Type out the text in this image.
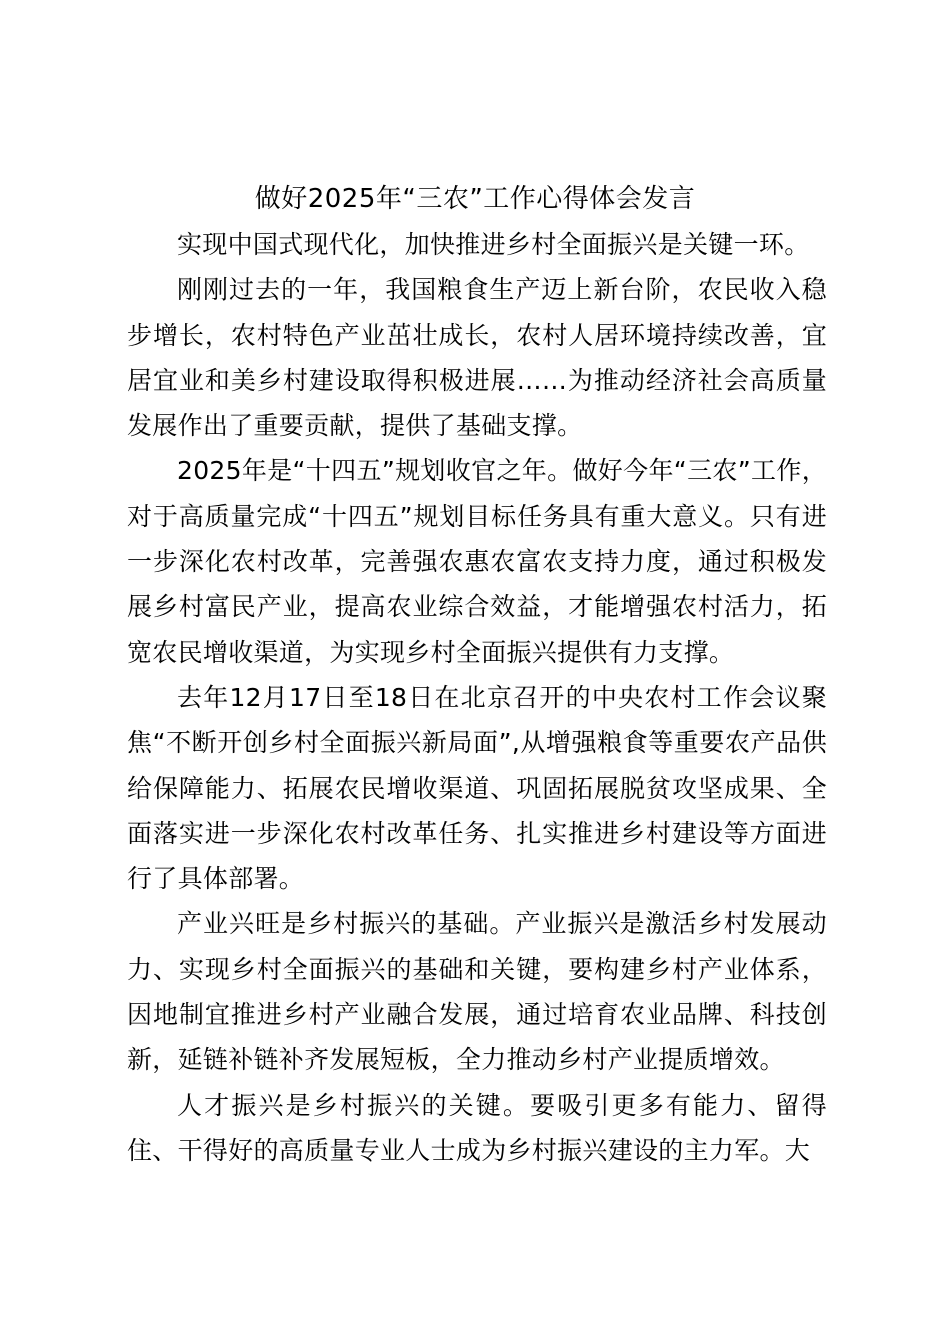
做好2025年“三农”工作心得体会发言

实现中国式现代化，加快推进乡村全面振兴是关键一环。

刚刚过去的一年，我国粮食生产迈上新台阶，农民收入稳步增长，农村特色产业茁壮成长，农村人居环境持续改善，宜居宜业和美乡村建设取得积极进展……为推动经济社会高质量发展作出了重要贡献，提供了基础支撑。

2025年是“十四五”规划收官之年。做好今年“三农”工作，对于高质量完成“十四五”规划目标任务具有重大意义。只有进一步深化农村改革，完善强农惠农富农支持力度，通过积极发展乡村富民产业，提高农业综合效益，才能增强农村活力，拓宽农民增收渠道，为实现乡村全面振兴提供有力支撑。

去年12月17日至18日在北京召开的中央农村工作会议聚焦“不断开创乡村全面振兴新局面”,从增强粮食等重要农产品供给保障能力、拓展农民增收渠道、巩固拓展脱贫攻坚成果、全面落实进一步深化农村改革任务、扎实推进乡村建设等方面进行了具体部署。

产业兴旺是乡村振兴的基础。产业振兴是激活乡村发展动力、实现乡村全面振兴的基础和关键，要构建乡村产业体系，因地制宜推进乡村产业融合发展，通过培育农业品牌、科技创新，延链补链补齐发展短板，全力推动乡村产业提质增效。

人才振兴是乡村振兴的关键。要吸引更多有能力、留得住、干得好的高质量专业人士成为乡村振兴建设的主力军。大
